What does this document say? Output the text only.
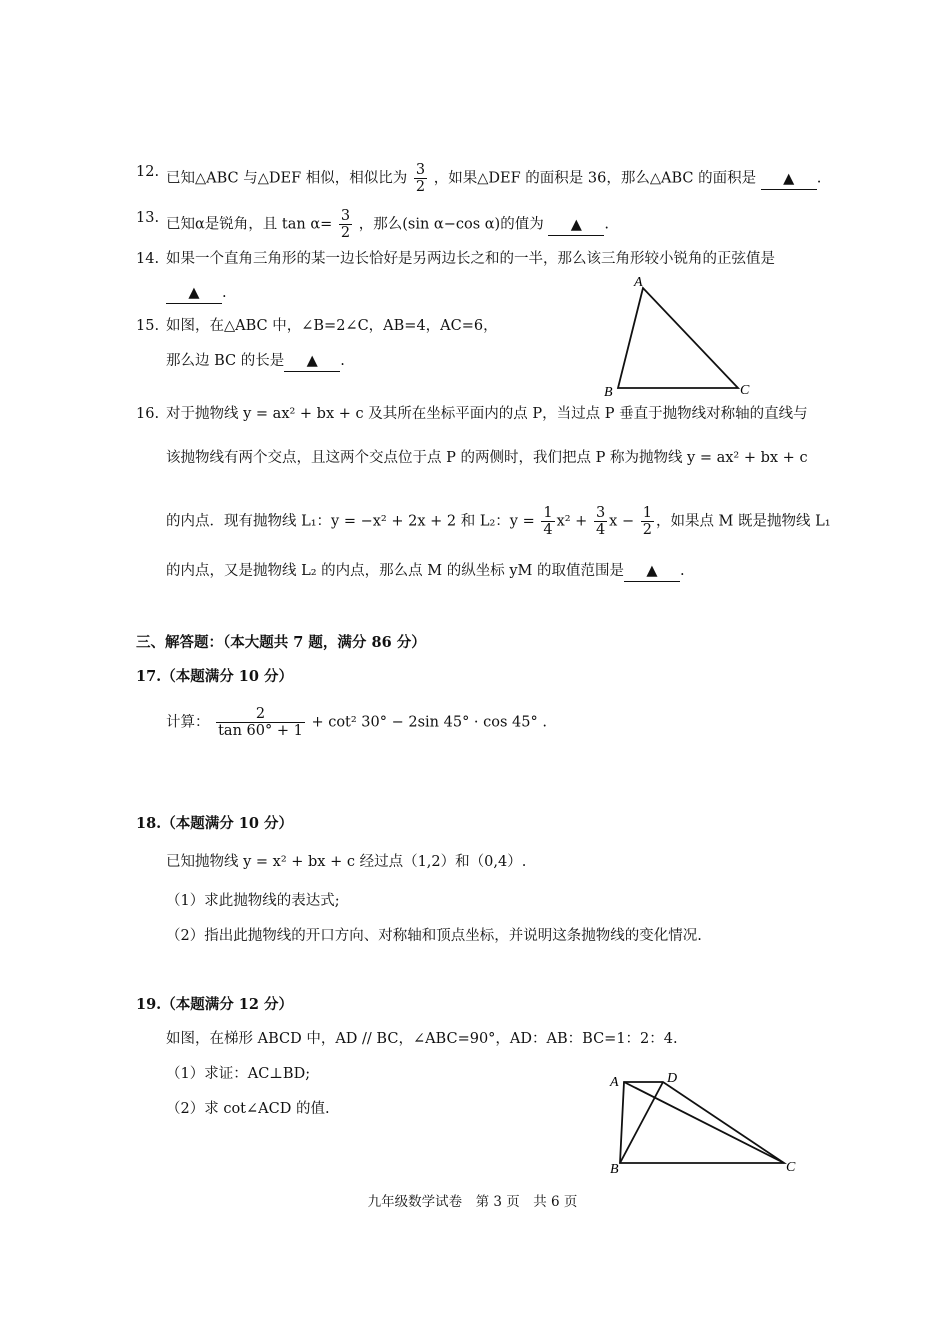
12. 已知△ABC 与△DEF 相似，相似比为 $\frac{3}{2}$ ，如果△DEF 的面积是 36，那么△ABC 的面积是 ▲ .
13. 已知α是锐角，且 $\tan \alpha= \frac{3}{2}$ ，那么(sin α−cos α)的值为 ▲ .
14. 如果一个直角三角形的某一边长恰好是另两边长之和的一半，那么该三角形较小锐角的正弦值是
▲ .
15. 如图，在△ABC 中，∠B=2∠C，AB=4，AC=6，
那么边 BC 的长是 ▲ .
A
B	C
16. 对于抛物线 y = ax² + bx + c 及其所在坐标平面内的点 P，当过点 P 垂直于抛物线对称轴的直线与
该抛物线有两个交点，且这两个交点位于点 P 的两侧时，我们把点 P 称为抛物线 y = ax² + bx + c
的内点．现有抛物线 L₁：y = −x² + 2x + 2 和 L₂：$y = \frac{1}{4} x^2 + \frac{3}{4}$ $x - \frac{1}{2}$ ，如果点 M 既是抛物线 L₁
的内点，又是抛物线 L₂ 的内点，那么点 M 的纵坐标 yM 的取值范围是 ▲ .
三、解答题：（本大题共 7 题，满分 86 分）
17.（本题满分 10 分）
计算： $\frac{2}{\tan 60^\circ + 1} + \cot^2$ 30° − 2sin 45° · cos 45° .
18.（本题满分 10 分）
已知抛物线 y = x² + bx + c 经过点（1,2）和（0,4）.
（1）求此抛物线的表达式;
（2）指出此抛物线的开口方向、对称轴和顶点坐标，并说明这条抛物线的变化情况.
19.（本题满分 12 分）
如图，在梯形 ABCD 中，AD // BC，∠ABC=90°，AD：AB：BC=1：2：4.
（1）求证：AC⊥BD;
（2）求 cot∠ACD 的值.
A	D
B	C
九年级数学试卷　第 3 页　共 6 页
